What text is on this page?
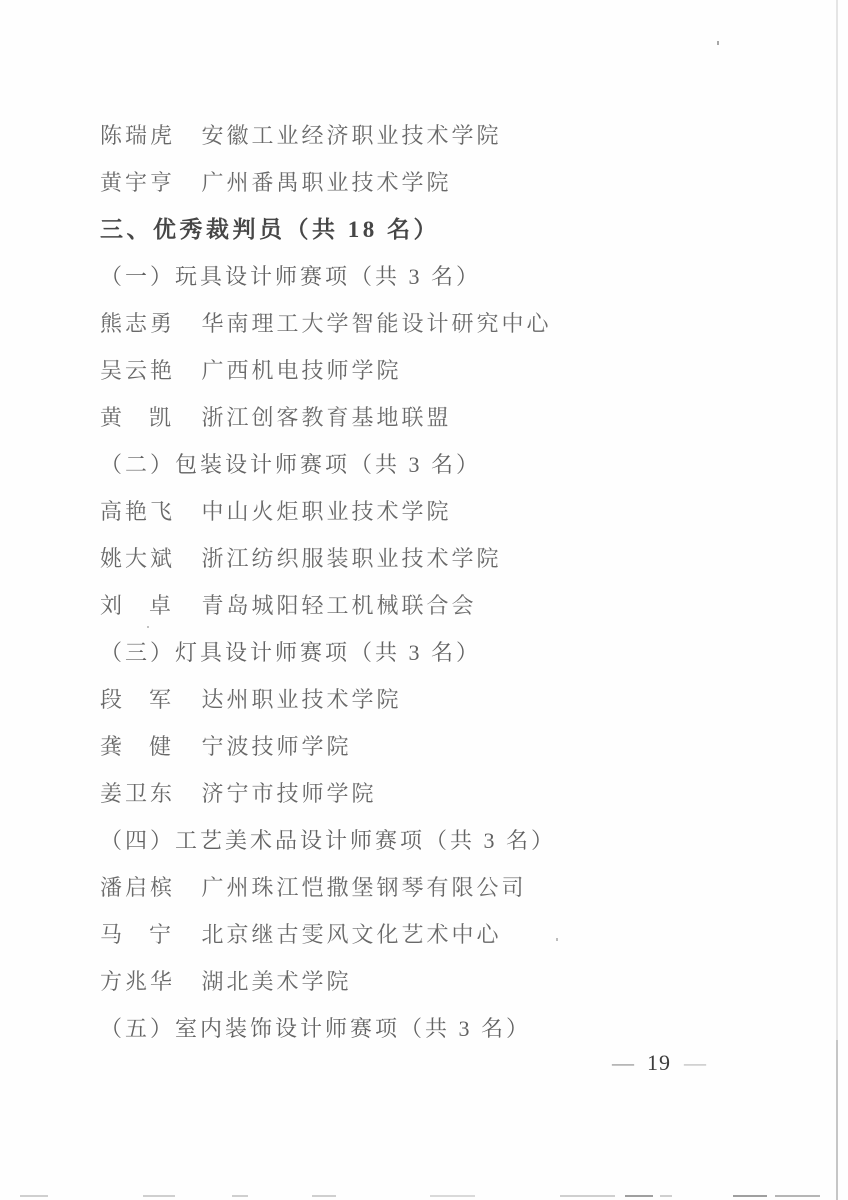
陈瑞虎 安徽工业经济职业技术学院

黄宇亨 广州番禺职业技术学院

三、优秀裁判员（共 18 名）

（一）玩具设计师赛项（共 3 名）

熊志勇 华南理工大学智能设计研究中心

吴云艳 广西机电技师学院

黄凯 浙江创客教育基地联盟

（二）包装设计师赛项（共 3 名）

高艳飞 中山火炬职业技术学院

姚大斌 浙江纺织服装职业技术学院

刘卓 青岛城阳轻工机械联合会

（三）灯具设计师赛项（共 3 名）

段军 达州职业技术学院

龚健 宁波技师学院

姜卫东 济宁市技师学院

（四）工艺美术品设计师赛项（共 3 名）

潘启槟 广州珠江恺撒堡钢琴有限公司

马宁 北京继古雯风文化艺术中心

方兆华 湖北美术学院

（五）室内装饰设计师赛项（共 3 名）

— 19 —
